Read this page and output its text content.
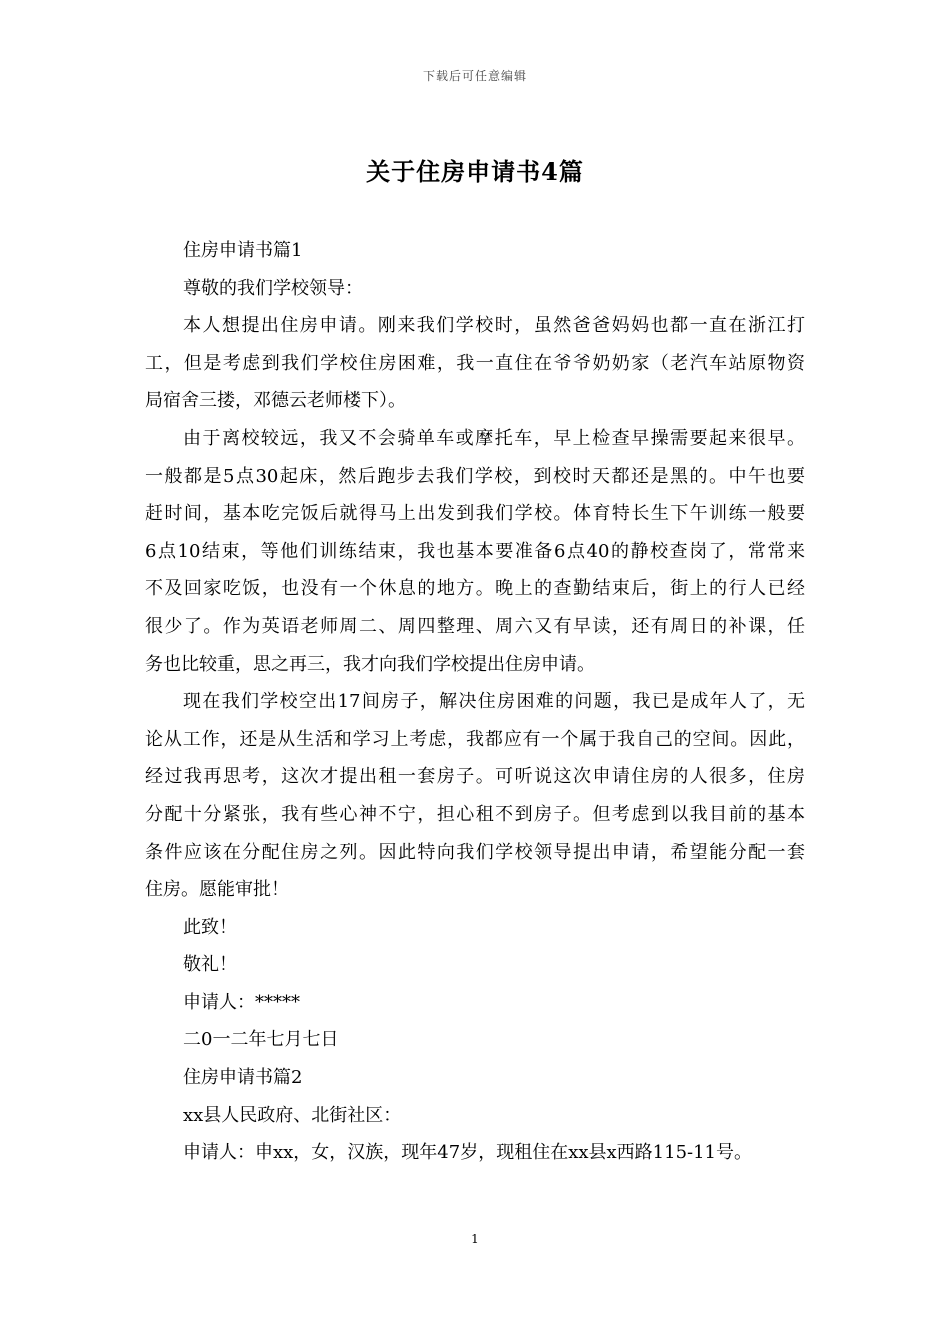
下载后可任意编辑
关于住房申请书4篇
住房申请书篇1
尊敬的我们学校领导：
本人想提出住房申请。刚来我们学校时，虽然爸爸妈妈也都一直在浙江打
工，但是考虑到我们学校住房困难，我一直住在爷爷奶奶家（老汽车站原物资
局宿舍三搂，邓德云老师楼下）。
由于离校较远，我又不会骑单车或摩托车，早上检查早操需要起来很早。
一般都是5点30起床，然后跑步去我们学校，到校时天都还是黑的。中午也要
赶时间，基本吃完饭后就得马上出发到我们学校。体育特长生下午训练一般要
6点10结束，等他们训练结束，我也基本要准备6点40的静校查岗了，常常来
不及回家吃饭，也没有一个休息的地方。晚上的查勤结束后，街上的行人已经
很少了。作为英语老师周二、周四整理、周六又有早读，还有周日的补课，任
务也比较重，思之再三，我才向我们学校提出住房申请。
现在我们学校空出17间房子，解决住房困难的问题，我已是成年人了，无
论从工作，还是从生活和学习上考虑，我都应有一个属于我自己的空间。因此，
经过我再思考，这次才提出租一套房子。可听说这次申请住房的人很多，住房
分配十分紧张，我有些心神不宁，担心租不到房子。但考虑到以我目前的基本
条件应该在分配住房之列。因此特向我们学校领导提出申请，希望能分配一套
住房。愿能审批！
此致！
敬礼！
申请人：*****
二0一二年七月七日
住房申请书篇2
xx县人民政府、北街社区：
申请人：申xx，女，汉族，现年47岁，现租住在xx县x西路115-11号。
1
